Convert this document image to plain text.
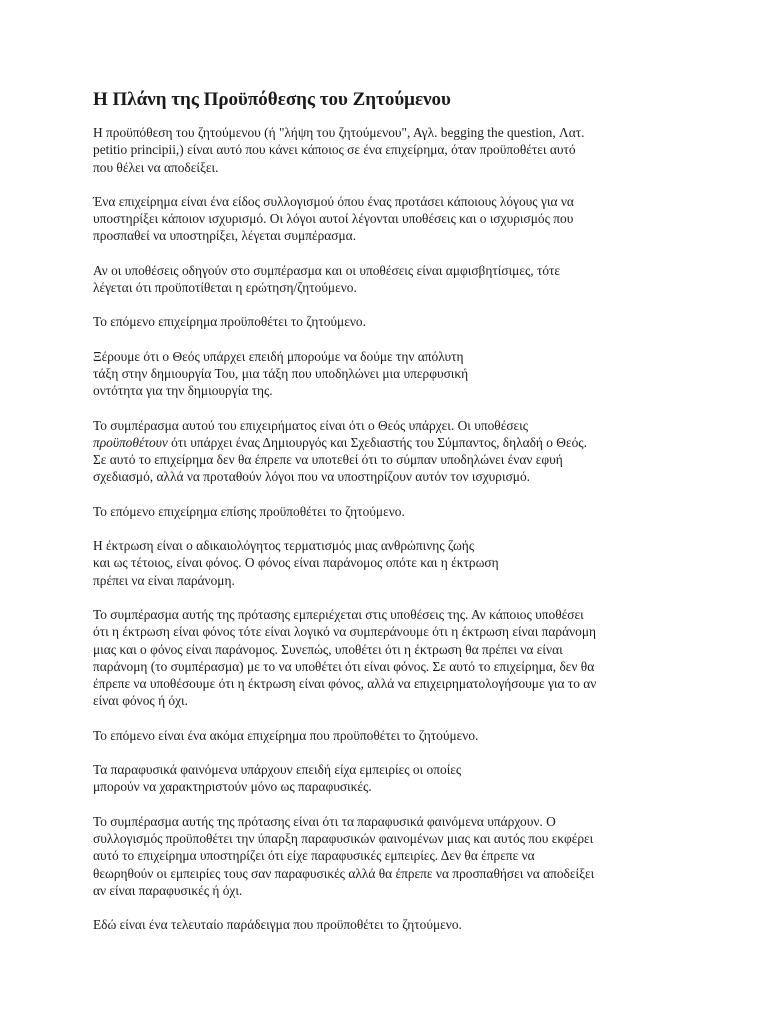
Η Πλάνη της Προϋπόθεσης του Ζητούμενου

Η προϋπόθεση του ζητούμενου (ή "λήψη του ζητούμενου", Αγλ. begging the question, Λατ.
petitio principii,) είναι αυτό που κάνει κάποιος σε ένα επιχείρημα, όταν προϋποθέτει αυτό
που θέλει να αποδείξει.

Ένα επιχείρημα είναι ένα είδος συλλογισμού όπου ένας προτάσει κάποιους λόγους για να
υποστηρίξει κάποιον ισχυρισμό. Οι λόγοι αυτοί λέγονται υποθέσεις και ο ισχυρισμός που
προσπαθεί να υποστηρίξει, λέγεται συμπέρασμα.

Αν οι υποθέσεις οδηγούν στο συμπέρασμα και οι υποθέσεις είναι αμφισβητίσιμες, τότε
λέγεται ότι προϋποτίθεται η ερώτηση/ζητούμενο.

Το επόμενο επιχείρημα προϋποθέτει το ζητούμενο.

Ξέρουμε ότι ο Θεός υπάρχει επειδή μπορούμε να δούμε την απόλυτη
τάξη στην δημιουργία Του, μια τάξη που υποδηλώνει μια υπερφυσική
οντότητα για την δημιουργία της.

Το συμπέρασμα αυτού του επιχειρήματος είναι ότι ο Θεός υπάρχει. Οι υποθέσεις
προϋποθέτουν ότι υπάρχει ένας Δημιουργός και Σχεδιαστής του Σύμπαντος, δηλαδή ο Θεός.
Σε αυτό το επιχείρημα δεν θα έπρεπε να υποτεθεί ότι το σύμπαν υποδηλώνει έναν εφυή
σχεδιασμό, αλλά να προταθούν λόγοι που να υποστηρίζουν αυτόν τον ισχυρισμό.

Το επόμενο επιχείρημα επίσης προϋποθέτει το ζητούμενο.

Η έκτρωση είναι ο αδικαιολόγητος τερματισμός μιας ανθρώπινης ζωής
και ως τέτοιος, είναι φόνος. Ο φόνος είναι παράνομος οπότε και η έκτρωση
πρέπει να είναι παράνομη.

Το συμπέρασμα αυτής της πρότασης εμπεριέχεται στις υποθέσεις της. Αν κάποιος υποθέσει
ότι η έκτρωση είναι φόνος τότε είναι λογικό να συμπεράνουμε ότι η έκτρωση είναι παράνομη
μιας και ο φόνος είναι παράνομος. Συνεπώς, υποθέτει ότι η έκτρωση θα πρέπει να είναι
παράνομη (το συμπέρασμα) με το να υποθέτει ότι είναι φόνος. Σε αυτό το επιχείρημα, δεν θα
έπρεπε να υποθέσουμε ότι η έκτρωση είναι φόνος, αλλά να επιχειρηματολογήσουμε για το αν
είναι φόνος ή όχι.

Το επόμενο είναι ένα ακόμα επιχείρημα που προϋποθέτει το ζητούμενο.

Τα παραφυσικά φαινόμενα υπάρχουν επειδή είχα εμπειρίες οι οποίες
μπορούν να χαρακτηριστούν μόνο ως παραφυσικές.

Το συμπέρασμα αυτής της πρότασης είναι ότι τα παραφυσικά φαινόμενα υπάρχουν. Ο
συλλογισμός προϋποθέτει την ύπαρξη παραφυσικών φαινομένων μιας και αυτός που εκφέρει
αυτό το επιχείρημα υποστηρίζει ότι είχε παραφυσικές εμπειρίες. Δεν θα έπρεπε να
θεωρηθούν οι εμπειρίες τους σαν παραφυσικές αλλά θα έπρεπε να προσπαθήσει να αποδείξει
αν είναι παραφυσικές ή όχι.

Εδώ είναι ένα τελευταίο παράδειγμα που προϋποθέτει το ζητούμενο.
